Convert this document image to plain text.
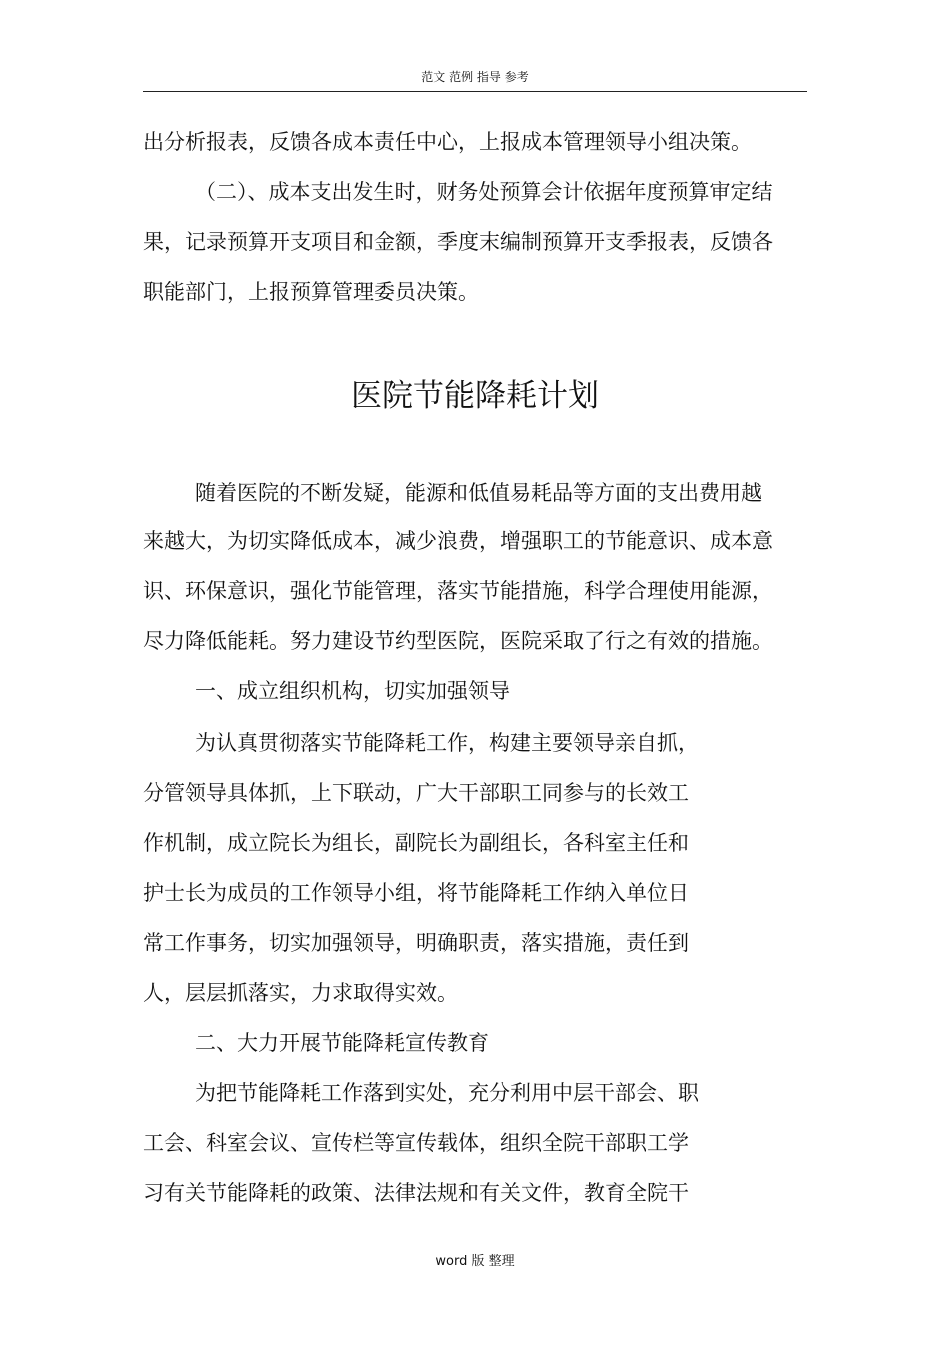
范文 范例 指导 参考
出分析报表，反馈各成本责任中心，上报成本管理领导小组决策。
（二）、成本支出发生时，财务处预算会计依据年度预算审定结
果，记录预算开支项目和金额，季度末编制预算开支季报表，反馈各
职能部门，上报预算管理委员决策。
医院节能降耗计划
随着医院的不断发疑，能源和低值易耗品等方面的支出费用越
来越大，为切实降低成本，减少浪费，增强职工的节能意识、成本意
识、环保意识，强化节能管理，落实节能措施，科学合理使用能源，
尽力降低能耗。努力建设节约型医院，医院采取了行之有效的措施。
一、成立组织机构，切实加强领导
为认真贯彻落实节能降耗工作，构建主要领导亲自抓，
分管领导具体抓，上下联动，广大干部职工同参与的长效工
作机制，成立院长为组长，副院长为副组长，各科室主任和
护士长为成员的工作领导小组，将节能降耗工作纳入单位日
常工作事务，切实加强领导，明确职责，落实措施，责任到
人，层层抓落实，力求取得实效。
二、大力开展节能降耗宣传教育
为把节能降耗工作落到实处，充分利用中层干部会、职
工会、科室会议、宣传栏等宣传载体，组织全院干部职工学
习有关节能降耗的政策、法律法规和有关文件，教育全院干
word 版 整理
